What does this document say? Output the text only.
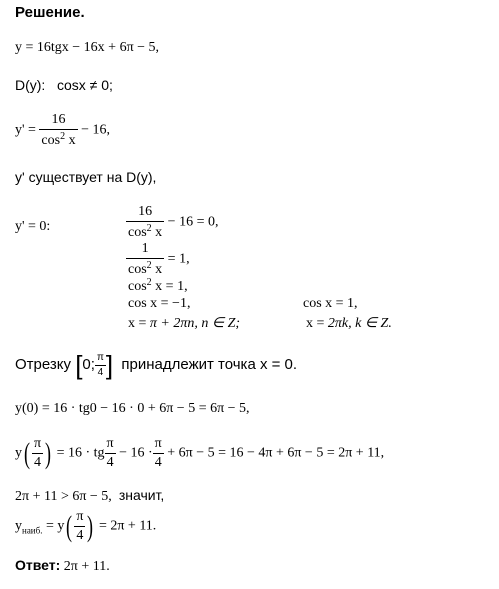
Решение.
y = 16tgx − 16x + 6π − 5,
D(y): cosx ≠ 0;
$y' = \frac{16}{\cos^2 x} - 16$,
y' существует на D(y),
y' = 0:	$\frac{16}{\cos^2 x} - 16 = 0$,
$\frac{1}{\cos^2 x} = 1$,
$\cos^2 x = 1$,
cos x = −1,	cos x = 1,
x = π + 2πn, n ∈ Z;	x = 2πk, k ∈ Z.
Отрезку [0; $\frac{\pi}{4}$ ] принадлежит точка x = 0.
y(0) = 16 · tg0 − 16 · 0 + 6π − 5 = 6π − 5,
$y( \frac{\pi}{4}$ ) = 16 · tg $\frac{\pi}{4} - 16 \cdot \frac{\pi}{4} + 6\pi - 5 = 16 - 4\pi + 6\pi - 5 = 2\pi + 11$,
2π + 11 > 6π − 5, значит,
$y_{наиб.} = y( \frac{\pi}{4}$ ) = 2π + 11.
Ответ: 2π + 11.
